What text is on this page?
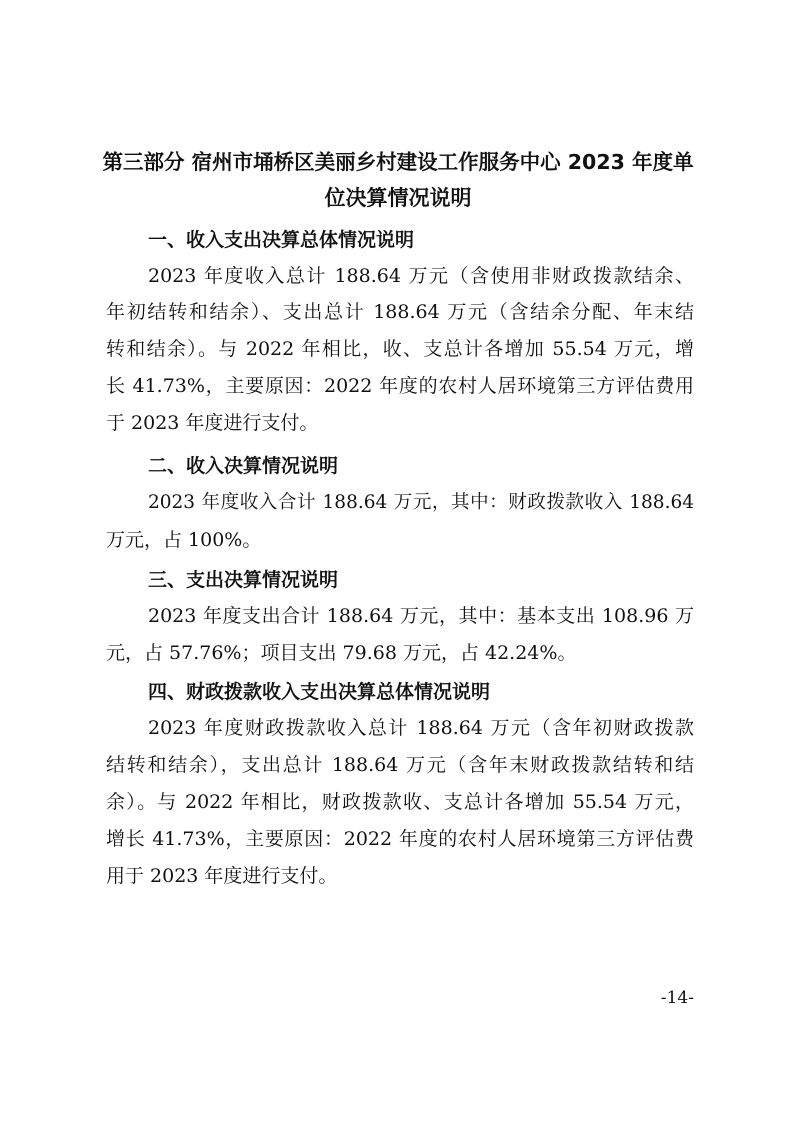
第三部分 宿州市埇桥区美丽乡村建设工作服务中心 2023 年度单
位决算情况说明
一、收入支出决算总体情况说明

2023 年度收入总计 188.64 万元（含使用非财政拨款结余、

年初结转和结余）、支出总计 188.64 万元（含结余分配、年末结

转和结余）。与 2022 年相比，收、支总计各增加 55.54 万元，增

长 41.73%，主要原因：2022 年度的农村人居环境第三方评估费用

于 2023 年度进行支付。

二、收入决算情况说明

2023 年度收入合计 188.64 万元，其中：财政拨款收入 188.64

万元，占 100%。

三、支出决算情况说明

2023 年度支出合计 188.64 万元，其中：基本支出 108.96 万

元，占 57.76%；项目支出 79.68 万元，占 42.24%。

四、财政拨款收入支出决算总体情况说明

2023 年度财政拨款收入总计 188.64 万元（含年初财政拨款

结转和结余），支出总计 188.64 万元（含年末财政拨款结转和结

余）。与 2022 年相比，财政拨款收、支总计各增加 55.54 万元，

增长 41.73%，主要原因：2022 年度的农村人居环境第三方评估费

用于 2023 年度进行支付。

-14-
